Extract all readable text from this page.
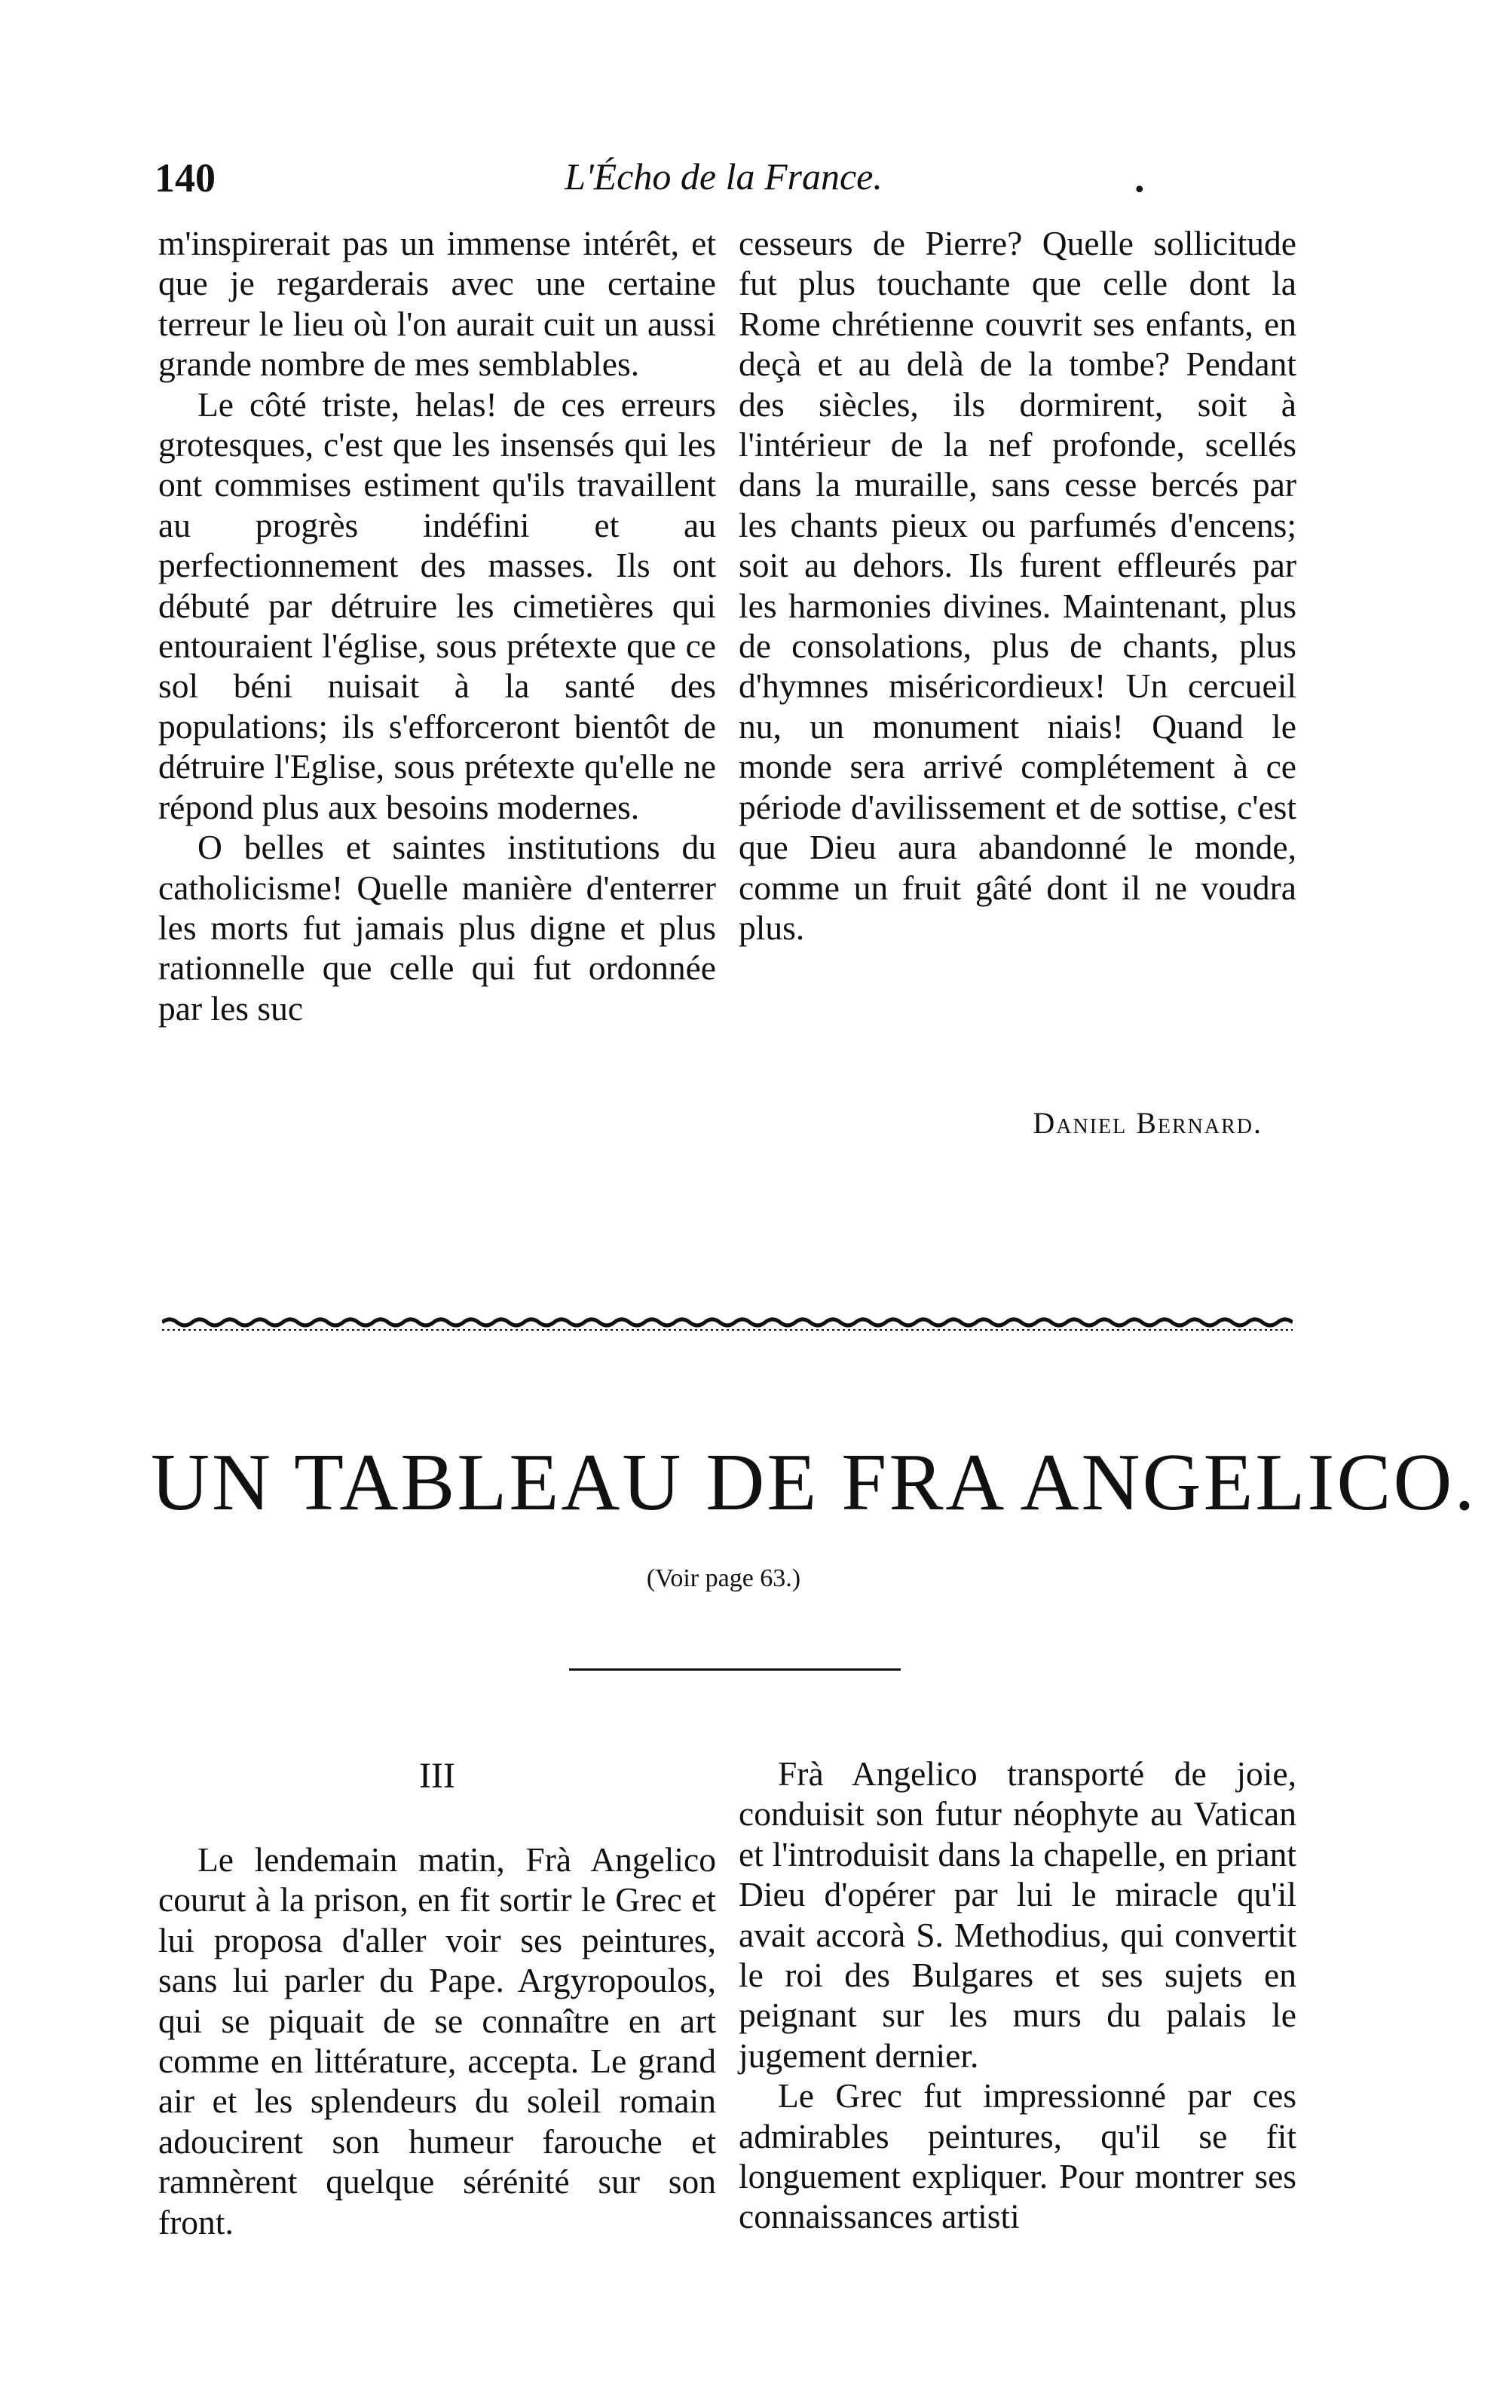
140	L'Écho de la France.	.

m'inspirerait pas un immense intérêt, et que je regarderais avec une certaine terreur le lieu où l'on aurait cuit un aussi grande nombre de mes semblables.

Le côté triste, helas! de ces erreurs grotesques, c'est que les insensés qui les ont commises estiment qu'ils travaillent au progrès indéfini et au perfectionnement des masses. Ils ont débuté par détruire les cimetières qui entouraient l'église, sous prétexte que ce sol béni nuisait à la santé des populations; ils s'efforceront bientôt de détruire l'Eglise, sous prétexte qu'elle ne répond plus aux besoins modernes.

O belles et saintes institutions du catholicisme! Quelle manière d'enterrer les morts fut jamais plus digne et plus rationnelle que celle qui fut ordonnée par les suc

cesseurs de Pierre? Quelle sollicitude fut plus touchante que celle dont la Rome chrétienne couvrit ses enfants, en deçà et au delà de la tombe? Pendant des siècles, ils dormirent, soit à l'intérieur de la nef profonde, scellés dans la muraille, sans cesse bercés par les chants pieux ou parfumés d'encens; soit au dehors. Ils furent effleurés par les harmonies divines. Maintenant, plus de consolations, plus de chants, plus d'hymnes miséricordieux! Un cercueil nu, un monument niais! Quand le monde sera arrivé complétement à ce période d'avilissement et de sottise, c'est que Dieu aura abandonné le monde, comme un fruit gâté dont il ne voudra plus.

Daniel Bernard.
UN TABLEAU DE FRA ANGELICO.
(Voir page 63.)
III

Le lendemain matin, Frà Angelico courut à la prison, en fit sortir le Grec et lui proposa d'aller voir ses peintures, sans lui parler du Pape. Argyropoulos, qui se piquait de se connaître en art comme en littérature, accepta. Le grand air et les splendeurs du soleil romain adoucirent son humeur farouche et ramnèrent quelque sérénité sur son front.

Frà Angelico transporté de joie, conduisit son futur néophyte au Vatican et l'introduisit dans la chapelle, en priant Dieu d'opérer par lui le miracle qu'il avait accorà S. Methodius, qui convertit le roi des Bulgares et ses sujets en peignant sur les murs du palais le jugement dernier.

Le Grec fut impressionné par ces admirables peintures, qu'il se fit longuement expliquer. Pour montrer ses connaissances artisti
